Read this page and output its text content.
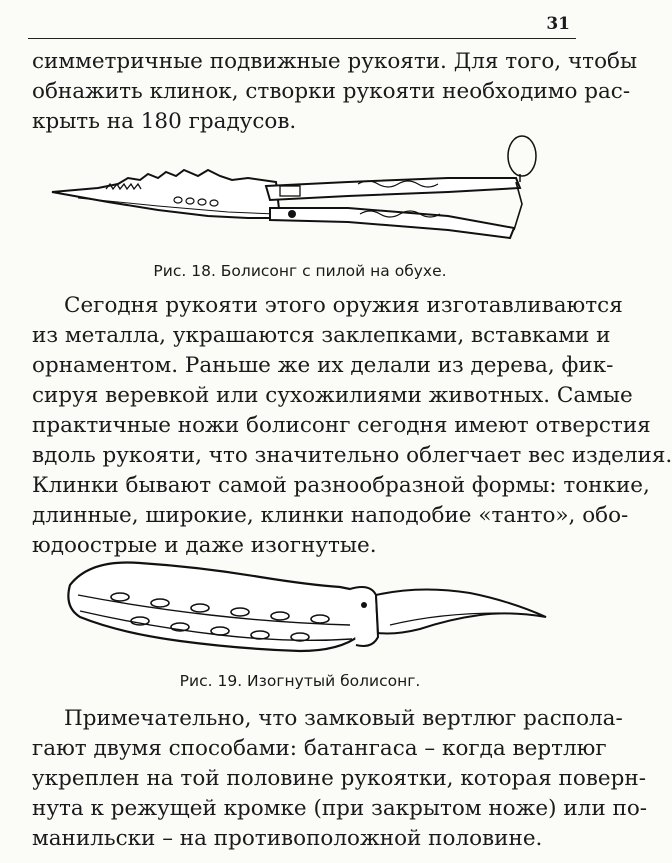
31
симметричные подвижные рукояти. Для того, чтобы
обнажить клинок, створки рукояти необходимо рас-
крыть на 180 градусов.
Рис. 18. Болисонг с пилой на обухе.
Сегодня рукояти этого оружия изготавливаются
из металла, украшаются заклепками, вставками и
орнаментом. Раньше же их делали из дерева, фик-
сируя веревкой или сухожилиями животных. Самые
практичные ножи болисонг сегодня имеют отверстия
вдоль рукояти, что значительно облегчает вес изделия.
Клинки бывают самой разнообразной формы: тонкие,
длинные, широкие, клинки наподобие «танто», обо-
юдоострые и даже изогнутые.
Рис. 19. Изогнутый болисонг.
Примечательно, что замковый вертлюг распола-
гают двумя способами: батангаса – когда вертлюг
укреплен на той половине рукоятки, которая поверн-
нута к режущей кромке (при закрытом ноже) или по-
манильски – на противоположной половине.
